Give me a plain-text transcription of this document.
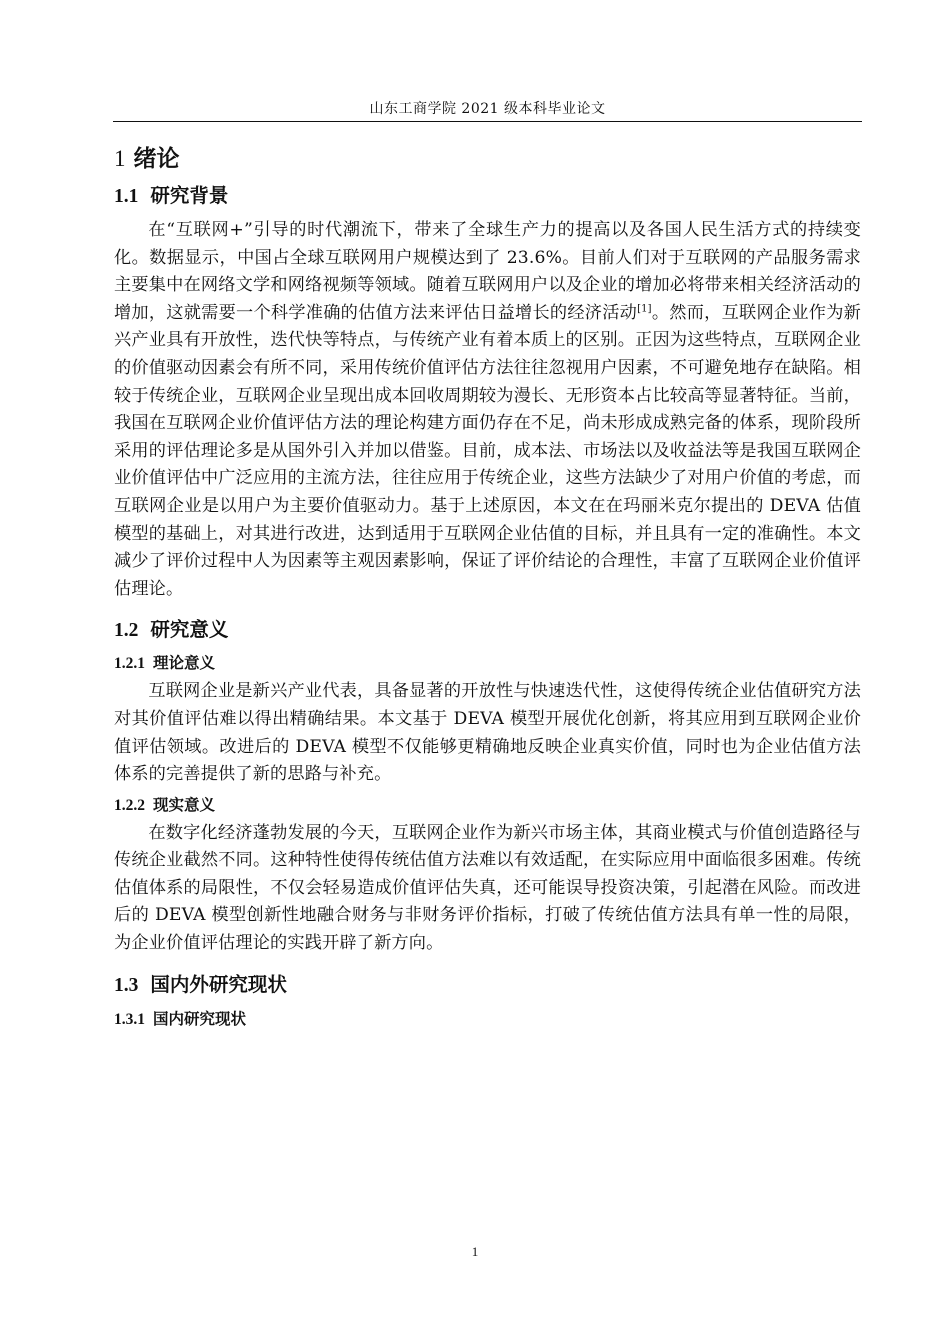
山东工商学院 2021 级本科毕业论文
1 绪论
1.1 研究背景

在“互联网+”引导的时代潮流下，带来了全球生产力的提高以及各国人民生活方式的持续变化。数据显示，中国占全球互联网用户规模达到了 23.6%。目前人们对于互联网的产品服务需求主要集中在网络文学和网络视频等领域。随着互联网用户以及企业的增加必将带来相关经济活动的增加，这就需要一个科学准确的估值方法来评估日益增长的经济活动[1]。然而，互联网企业作为新兴产业具有开放性，迭代快等特点，与传统产业有着本质上的区别。正因为这些特点，互联网企业的价值驱动因素会有所不同，采用传统价值评估方法往往忽视用户因素，不可避免地存在缺陷。相较于传统企业，互联网企业呈现出成本回收周期较为漫长、无形资本占比较高等显著特征。当前，我国在互联网企业价值评估方法的理论构建方面仍存在不足，尚未形成成熟完备的体系，现阶段所采用的评估理论多是从国外引入并加以借鉴。目前，成本法、市场法以及收益法等是我国互联网企业价值评估中广泛应用的主流方法，往往应用于传统企业，这些方法缺少了对用户价值的考虑，而互联网企业是以用户为主要价值驱动力。基于上述原因，本文在在玛丽米克尔提出的 DEVA 估值模型的基础上，对其进行改进，达到适用于互联网企业估值的目标，并且具有一定的准确性。本文减少了评价过程中人为因素等主观因素影响，保证了评价结论的合理性，丰富了互联网企业价值评估理论。

1.2 研究意义
1.2.1 理论意义

互联网企业是新兴产业代表，具备显著的开放性与快速迭代性，这使得传统企业估值研究方法对其价值评估难以得出精确结果。本文基于 DEVA 模型开展优化创新，将其应用到互联网企业价值评估领域。改进后的 DEVA 模型不仅能够更精确地反映企业真实价值，同时也为企业估值方法体系的完善提供了新的思路与补充。

1.2.2 现实意义

在数字化经济蓬勃发展的今天，互联网企业作为新兴市场主体，其商业模式与价值创造路径与传统企业截然不同。这种特性使得传统估值方法难以有效适配，在实际应用中面临很多困难。传统估值体系的局限性，不仅会轻易造成价值评估失真，还可能误导投资决策，引起潜在风险。而改进后的 DEVA 模型创新性地融合财务与非财务评价指标，打破了传统估值方法具有单一性的局限，为企业价值评估理论的实践开辟了新方向。

1.3 国内外研究现状
1.3.1 国内研究现状
1
